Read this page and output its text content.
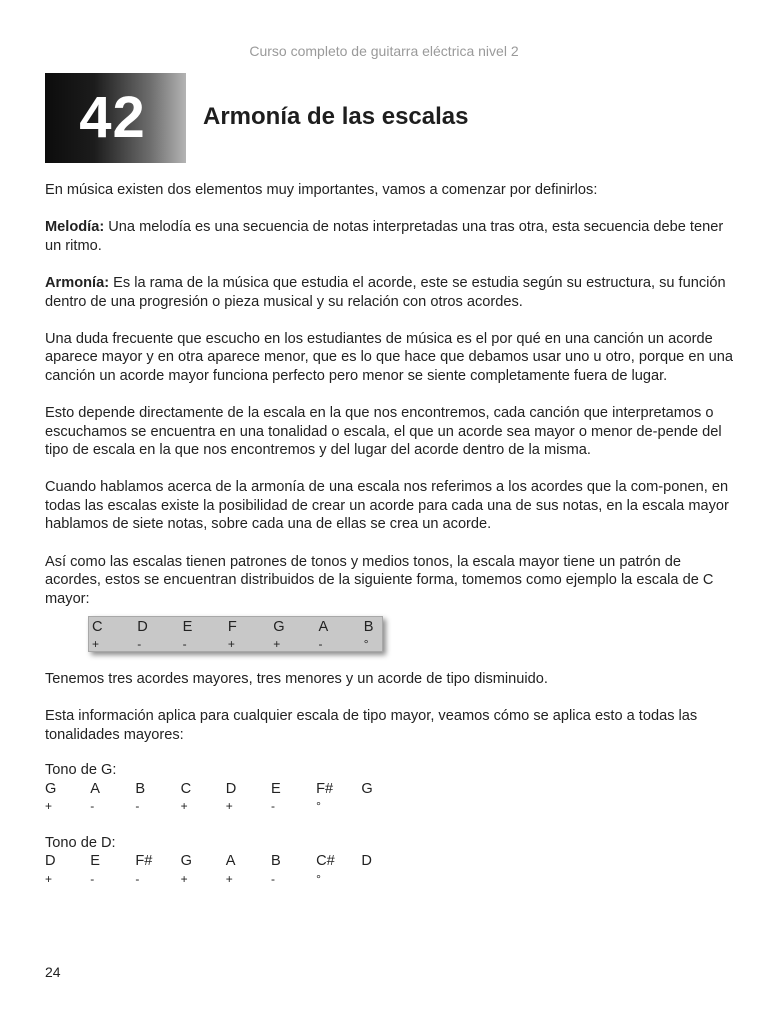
Curso completo de guitarra eléctrica nivel 2
42	Armonía de las escalas

En música existen dos elementos muy importantes, vamos a comenzar por definirlos:

Melodía: Una melodía es una secuencia de notas interpretadas una tras otra, esta secuencia debe tener un ritmo.

Armonía: Es la rama de la música que estudia el acorde, este se estudia según su estructura, su función dentro de una progresión o pieza musical y su relación con otros acordes.

Una duda frecuente que escucho en los estudiantes de música es el por qué en una canción un acorde aparece mayor y en otra aparece menor, que es lo que hace que debamos usar uno u otro, porque en una canción un acorde mayor funciona perfecto pero menor se siente completamente fuera de lugar.

Esto depende directamente de la escala en la que nos encontremos, cada canción que interpretamos o escuchamos se encuentra en una tonalidad o escala, el que un acorde sea mayor o menor de-pende del tipo de escala en la que nos encontremos y del lugar del acorde dentro de la misma.

Cuando hablamos acerca de la armonía de una escala nos referimos a los acordes que la com-ponen, en todas las escalas existe la posibilidad de crear un acorde para cada una de sus notas, en la escala mayor hablamos de siete notas, sobre cada una de ellas se crea un acorde.

Así como las escalas tienen patrones de tonos y medios tonos, la escala mayor tiene un patrón de acordes, estos se encuentran distribuidos de la siguiente forma, tomemos como ejemplo la escala de C mayor:

C	D	E	F	G	A	B
+	-	-	+	+	-	°

Tenemos tres acordes mayores, tres menores y un acorde de tipo disminuido.

Esta información aplica para cualquier escala de tipo mayor, veamos cómo se aplica esto a todas las tonalidades mayores:

Tono de G:
G	A	B	C	D	E	F#	G
+	-	-	+	+	-	°
Tono de D:
D	E	F#	G	A	B	C#	D
+	-	-	+	+	-	°
24
